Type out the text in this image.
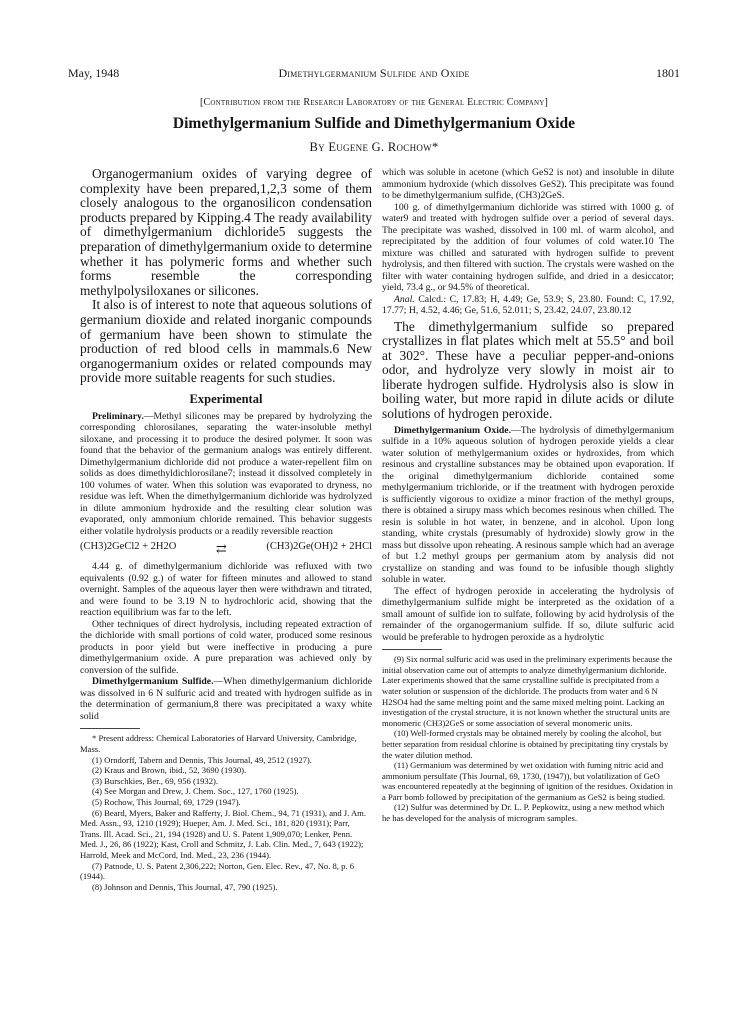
May, 1948	Dimethylgermanium Sulfide and Oxide	1801
[Contribution from the Research Laboratory of the General Electric Company]
Dimethylgermanium Sulfide and Dimethylgermanium Oxide
By Eugene G. Rochow*

Organogermanium oxides of varying degree of complexity have been prepared,1,2,3 some of them closely analogous to the organosilicon condensation products prepared by Kipping.4 The ready availability of dimethylgermanium dichloride5 suggests the preparation of dimethylgermanium oxide to determine whether it has polymeric forms and whether such forms resemble the corresponding methylpolysiloxanes or silicones.

It also is of interest to note that aqueous solutions of germanium dioxide and related inorganic compounds of germanium have been shown to stimulate the production of red blood cells in mammals.6 New organogermanium oxides or related compounds may provide more suitable reagents for such studies.

Experimental

Preliminary.—Methyl silicones may be prepared by hydrolyzing the corresponding chlorosilanes, separating the water-insoluble methyl siloxane, and processing it to produce the desired polymer. It soon was found that the behavior of the germanium analogs was entirely different. Dimethylgermanium dichloride did not produce a water-repellent film on solids as does dimethyldichlorosilane7; instead it dissolved completely in 100 volumes of water. When this solution was evaporated to dryness, no residue was left. When the dimethylgermanium dichloride was hydrolyzed in dilute ammonium hydroxide and the resulting clear solution was evaporated, only ammonium chloride remained. This behavior suggests either volatile hydrolysis products or a readily reversible reaction

(CH3)2GeCl2 + 2H2O	⇄	(CH3)2Ge(OH)2 + 2HCl

4.44 g. of dimethylgermanium dichloride was refluxed with two equivalents (0.92 g.) of water for fifteen minutes and allowed to stand overnight. Samples of the aqueous layer then were withdrawn and titrated, and were found to be 3.19 N to hydrochloric acid, showing that the reaction equilibrium was far to the left.

Other techniques of direct hydrolysis, including repeated extraction of the dichloride with small portions of cold water, produced some resinous products in poor yield but were ineffective in producing a pure dimethylgermanium oxide. A pure preparation was achieved only by conversion of the sulfide.

Dimethylgermanium Sulfide.—When dimethylgermanium dichloride was dissolved in 6 N sulfuric acid and treated with hydrogen sulfide as in the determination of germanium,8 there was precipitated a waxy white solid

* Present address: Chemical Laboratories of Harvard University, Cambridge, Mass.

(1) Orndorff, Tabern and Dennis, This Journal, 49, 2512 (1927).

(2) Kraus and Brown, ibid., 52, 3690 (1930).

(3) Burschkies, Ber., 69, 956 (1932).

(4) See Morgan and Drew, J. Chem. Soc., 127, 1760 (1925).

(5) Rochow, This Journal, 69, 1729 (1947).

(6) Beard, Myers, Baker and Rafferty, J. Biol. Chem., 94, 71 (1931), and J. Am. Med. Assn., 93, 1210 (1929); Hueper, Am. J. Med. Sci., 181, 820 (1931); Parr, Trans. Ill. Acad. Sci., 21, 194 (1928) and U. S. Patent 1,909,070; Lenker, Penn. Med. J., 26, 86 (1922); Kast, Croll and Schmitz, J. Lab. Clin. Med., 7, 643 (1922); Harrold, Meek and McCord, Ind. Med., 23, 236 (1944).

(7) Patnode, U. S. Patent 2,306,222; Norton, Gen. Elec. Rev., 47, No. 8, p. 6 (1944).

(8) Johnson and Dennis, This Journal, 47, 790 (1925).

which was soluble in acetone (which GeS2 is not) and insoluble in dilute ammonium hydroxide (which dissolves GeS2). This precipitate was found to be dimethylgermanium sulfide, (CH3)2GeS.

100 g. of dimethylgermanium dichloride was stirred with 1000 g. of water9 and treated with hydrogen sulfide over a period of several days. The precipitate was washed, dissolved in 100 ml. of warm alcohol, and reprecipitated by the addition of four volumes of cold water.10 The mixture was chilled and saturated with hydrogen sulfide to prevent hydrolysis, and then filtered with suction. The crystals were washed on the filter with water containing hydrogen sulfide, and dried in a desiccator; yield, 73.4 g., or 94.5% of theoretical.

Anal. Calcd.: C, 17.83; H, 4.49; Ge, 53.9; S, 23.80. Found: C, 17.92, 17.77; H, 4.52, 4.46; Ge, 51.6, 52.011; S, 23.42, 24.07, 23.80.12

The dimethylgermanium sulfide so prepared crystallizes in flat plates which melt at 55.5° and boil at 302°. These have a peculiar pepper-and-onions odor, and hydrolyze very slowly in moist air to liberate hydrogen sulfide. Hydrolysis also is slow in boiling water, but more rapid in dilute acids or dilute solutions of hydrogen peroxide.

Dimethylgermanium Oxide.—The hydrolysis of dimethylgermanium sulfide in a 10% aqueous solution of hydrogen peroxide yields a clear water solution of methylgermanium oxides or hydroxides, from which resinous and crystalline substances may be obtained upon evaporation. If the original dimethylgermanium dichloride contained some methylgermanium trichloride, or if the treatment with hydrogen peroxide is sufficiently vigorous to oxidize a minor fraction of the methyl groups, there is obtained a sirupy mass which becomes resinous when chilled. The resin is soluble in hot water, in benzene, and in alcohol. Upon long standing, white crystals (presumably of hydroxide) slowly grow in the mass but dissolve upon reheating. A resinous sample which had an average of but 1.2 methyl groups per germanium atom by analysis did not crystallize on standing and was found to be infusible though slightly soluble in water.

The effect of hydrogen peroxide in accelerating the hydrolysis of dimethylgermanium sulfide might be interpreted as the oxidation of a small amount of sulfide ion to sulfate, following by acid hydrolysis of the remainder of the organogermanium sulfide. If so, dilute sulfuric acid would be preferable to hydrogen peroxide as a hydrolytic

(9) Six normal sulfuric acid was used in the preliminary experiments because the initial observation came out of attempts to analyze dimethylgermanium dichloride. Later experiments showed that the same crystalline sulfide is precipitated from a water solution or suspension of the dichloride. The products from water and 6 N H2SO4 had the same melting point and the same mixed melting point. Lacking an investigation of the crystal structure, it is not known whether the structural units are monomeric (CH3)2GeS or some association of several monomeric units.

(10) Well-formed crystals may be obtained merely by cooling the alcohol, but better separation from residual chlorine is obtained by precipitating tiny crystals by the water dilution method.

(11) Germanium was determined by wet oxidation with fuming nitric acid and ammonium persulfate (This Journal, 69, 1730, (1947)), but volatilization of GeO was encountered repeatedly at the beginning of ignition of the residues. Oxidation in a Parr bomb followed by precipitation of the germanium as GeS2 is being studied.

(12) Sulfur was determined by Dr. L. P. Pepkowitz, using a new method which he has developed for the analysis of microgram samples.
